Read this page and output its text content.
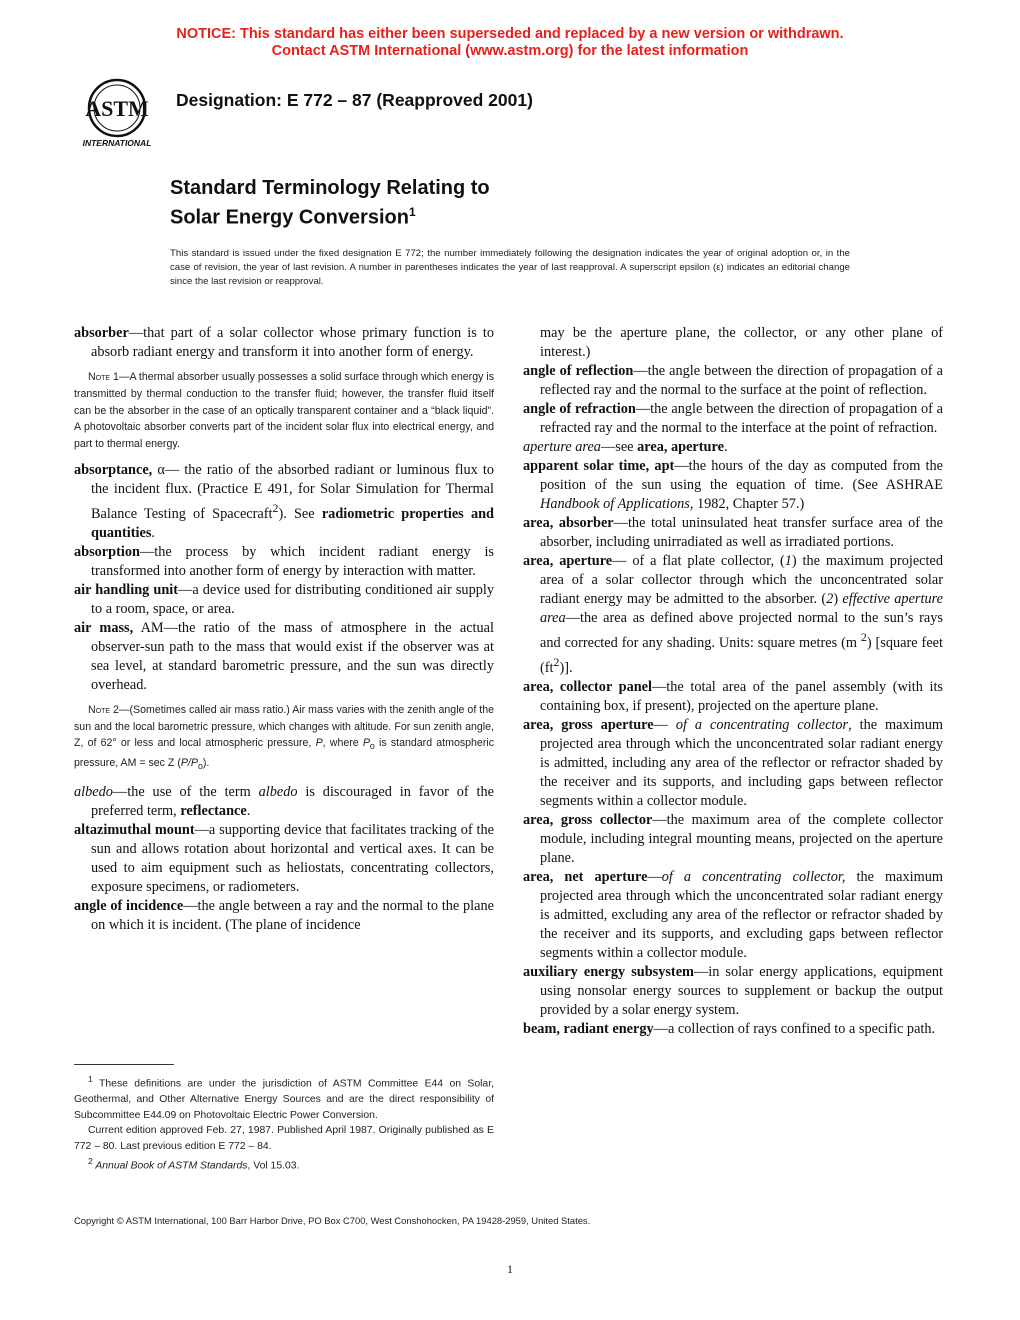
NOTICE: This standard has either been superseded and replaced by a new version or withdrawn.
Contact ASTM International (www.astm.org) for the latest information
ASTM
INTERNATIONAL
Designation: E 772 – 87 (Reapproved 2001)
Standard Terminology Relating to
Solar Energy Conversion$^1$
This standard is issued under the fixed designation E 772; the number immediately following the designation indicates the year of original adoption or, in the case of revision, the year of last revision. A number in parentheses indicates the year of last reapproval. A superscript epsilon (ε) indicates an editorial change since the last revision or reapproval.

absorber—that part of a solar collector whose primary function is to absorb radiant energy and transform it into another form of energy.

Note 1—A thermal absorber usually possesses a solid surface through which energy is transmitted by thermal conduction to the transfer fluid; however, the transfer fluid itself can be the absorber in the case of an optically transparent container and a “black liquid”. A photovoltaic absorber converts part of the incident solar flux into electrical energy, and part to thermal energy.

absorptance, α— the ratio of the absorbed radiant or luminous flux to the incident flux. (Practice E 491, for Solar Simulation for Thermal Balance Testing of Spacecraft$^2$). See radiometric properties and quantities.

absorption—the process by which incident radiant energy is transformed into another form of energy by interaction with matter.

air handling unit—a device used for distributing conditioned air supply to a room, space, or area.

air mass, AM—the ratio of the mass of atmosphere in the actual observer-sun path to the mass that would exist if the observer was at sea level, at standard barometric pressure, and the sun was directly overhead.

Note 2—(Sometimes called air mass ratio.) Air mass varies with the zenith angle of the sun and the local barometric pressure, which changes with altitude. For sun zenith angle, Z, of 62° or less and local atmospheric pressure, P, where $P_o$ is standard atmospheric pressure, AM = sec Z $(P/P_o)$.

albedo—the use of the term albedo is discouraged in favor of the preferred term, reflectance.

altazimuthal mount—a supporting device that facilitates tracking of the sun and allows rotation about horizontal and vertical axes. It can be used to aim equipment such as heliostats, concentrating collectors, exposure specimens, or radiometers.

angle of incidence—the angle between a ray and the normal to the plane on which it is incident. (The plane of incidence

may be the aperture plane, the collector, or any other plane of interest.)

angle of reflection—the angle between the direction of propagation of a reflected ray and the normal to the surface at the point of reflection.

angle of refraction—the angle between the direction of propagation of a refracted ray and the normal to the interface at the point of refraction.

aperture area—see area, aperture.

apparent solar time, apt—the hours of the day as computed from the position of the sun using the equation of time. (See ASHRAE Handbook of Applications, 1982, Chapter 57.)

area, absorber—the total uninsulated heat transfer surface area of the absorber, including unirradiated as well as irradiated portions.

area, aperture— of a flat plate collector, (1) the maximum projected area of a solar collector through which the unconcentrated solar radiant energy may be admitted to the absorber. (2) effective aperture area—the area as defined above projected normal to the sun’s rays and corrected for any shading. Units: square metres (m $^2$) [square feet $(ft^2)$].

area, collector panel—the total area of the panel assembly (with its containing box, if present), projected on the aperture plane.

area, gross aperture— of a concentrating collector, the maximum projected area through which the unconcentrated solar radiant energy is admitted, including any area of the reflector or refractor shaded by the receiver and its supports, and including gaps between reflector segments within a collector module.

area, gross collector—the maximum area of the complete collector module, including integral mounting means, projected on the aperture plane.

area, net aperture—of a concentrating collector, the maximum projected area through which the unconcentrated solar radiant energy is admitted, excluding any area of the reflector or refractor shaded by the receiver and its supports, and excluding gaps between reflector segments within a collector module.

auxiliary energy subsystem—in solar energy applications, equipment using nonsolar energy sources to supplement or backup the output provided by a solar energy system.

beam, radiant energy—a collection of rays confined to a specific path.

$^1$ These definitions are under the jurisdiction of ASTM Committee E44 on Solar, Geothermal, and Other Alternative Energy Sources and are the direct responsibility of Subcommittee E44.09 on Photovoltaic Electric Power Conversion.

Current edition approved Feb. 27, 1987. Published April 1987. Originally published as E 772 – 80. Last previous edition E 772 – 84.

$^2$ Annual Book of ASTM Standards, Vol 15.03.

Copyright © ASTM International, 100 Barr Harbor Drive, PO Box C700, West Conshohocken, PA 19428-2959, United States.
1
